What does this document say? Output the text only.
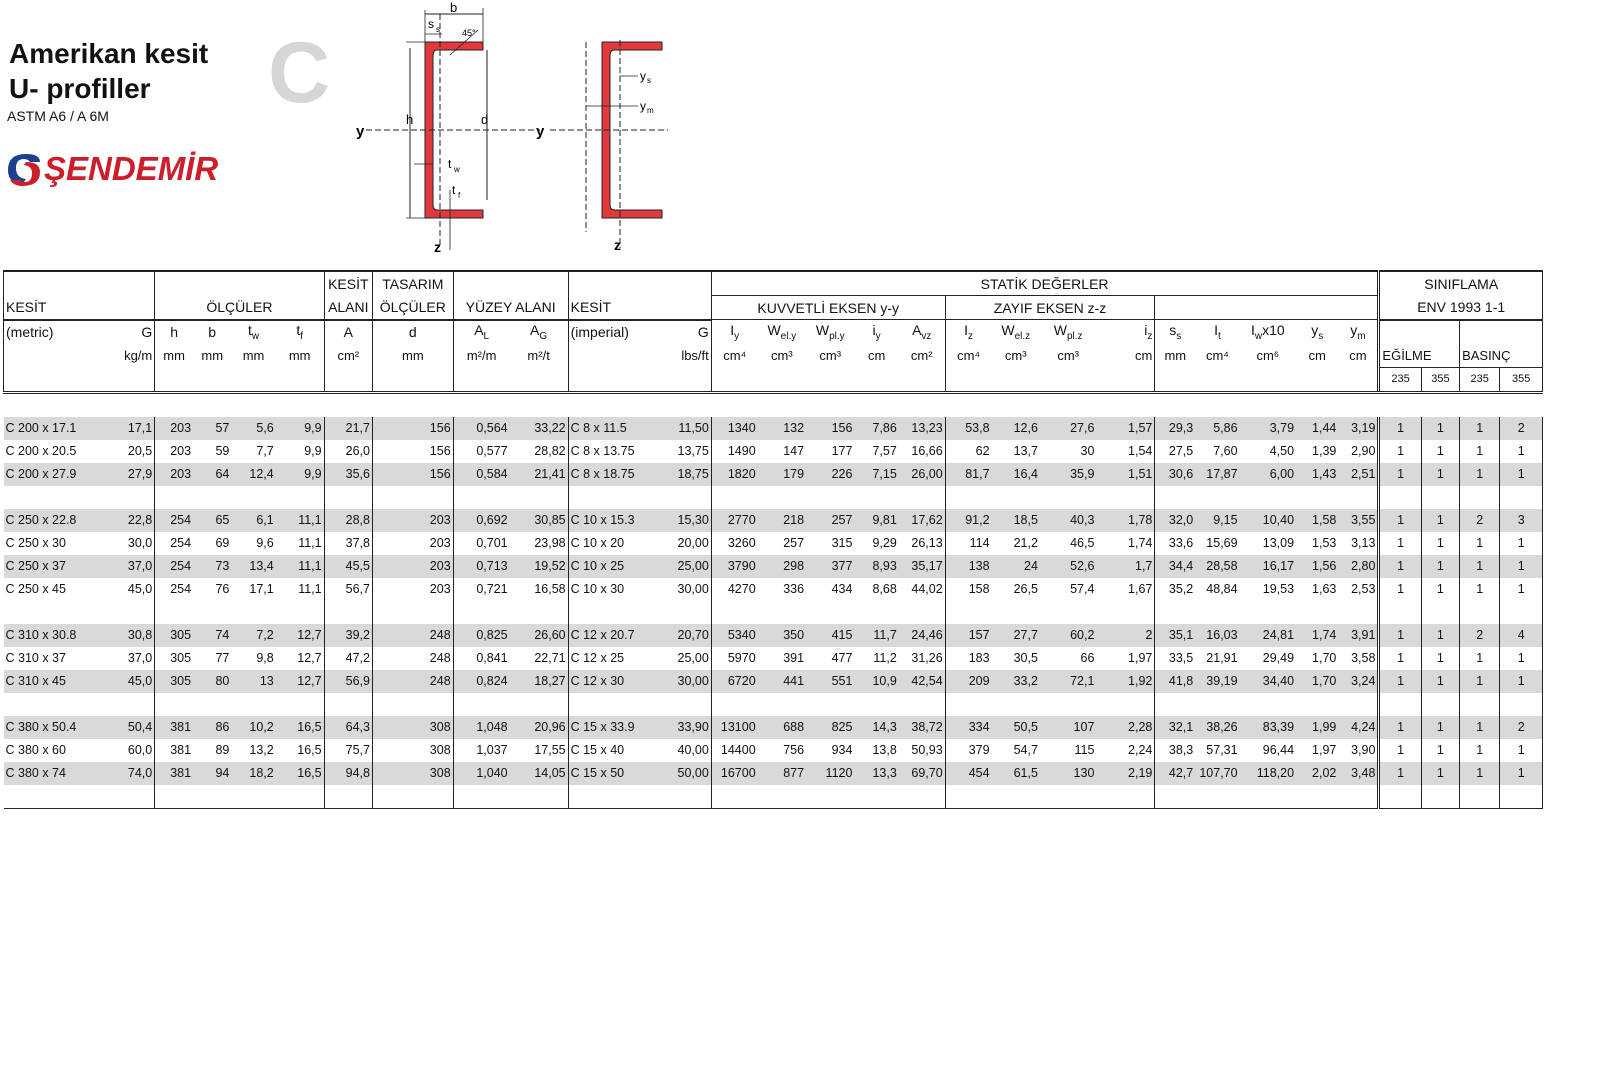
Amerikan kesit
U- profiller
ASTM A6 / A 6M C
ŞENDEMİR
b
s s 45°
h	d
y
t w
t f
z
y
y s
y m
z
						KESİT	TASARIM					STATİK DEĞERLER														SINIFLAMA			
KESİT		ÖLÇÜLER				ALANI	ÖLÇÜLER	YÜZEY ALANI		KESİT		KUVVETLİ EKSEN y-y					ZAYIF EKSEN z-z									ENV 1993 1-1			
(metric)	G	h	b	$t_w$	$t_f$	A	d	$A_L$	$A_G$	(imperial)	G	$I_y$	$W_{el.y}$	$W_{pl.y}$	$i_y$	$A_{vz}$	$I_z$	$W_{el.z}$	$W_{pl.z}$	$i_z$	$s_s$	$I_t$	$I_wx10$	$y_s$	$y_m$		
	kg/m	mm	mm	mm	mm	cm²	mm	m²/m	m²/t		lbs/ft	cm⁴	cm³	cm³	cm	cm²	cm⁴	cm³	cm³	cm	mm	cm⁴	cm⁶	cm	cm	EĞİLME		BASINÇ	
																										235	355	235	355

C 200 x 17.1	17,1	203	57	5,6	9,9	21,7	156	0,564	33,22	C 8 x 11.5	11,50	1340	132	156	7,86	13,23	53,8	12,6	27,6	1,57	29,3	5,86	3,79	1,44	3,19	1	1	1	2
C 200 x 20.5	20,5	203	59	7,7	9,9	26,0	156	0,577	28,82	C 8 x 13.75	13,75	1490	147	177	7,57	16,66	62	13,7	30	1,54	27,5	7,60	4,50	1,39	2,90	1	1	1	1
C 200 x 27.9	27,9	203	64	12,4	9,9	35,6	156	0,584	21,41	C 8 x 18.75	18,75	1820	179	226	7,15	26,00	81,7	16,4	35,9	1,51	30,6	17,87	6,00	1,43	2,51	1	1	1	1

C 250 x 22.8	22,8	254	65	6,1	11,1	28,8	203	0,692	30,85	C 10 x 15.3	15,30	2770	218	257	9,81	17,62	91,2	18,5	40,3	1,78	32,0	9,15	10,40	1,58	3,55	1	1	2	3
C 250 x 30	30,0	254	69	9,6	11,1	37,8	203	0,701	23,98	C 10 x 20	20,00	3260	257	315	9,29	26,13	114	21,2	46,5	1,74	33,6	15,69	13,09	1,53	3,13	1	1	1	1
C 250 x 37	37,0	254	73	13,4	11,1	45,5	203	0,713	19,52	C 10 x 25	25,00	3790	298	377	8,93	35,17	138	24	52,6	1,7	34,4	28,58	16,17	1,56	2,80	1	1	1	1
C 250 x 45	45,0	254	76	17,1	11,1	56,7	203	0,721	16,58	C 10 x 30	30,00	4270	336	434	8,68	44,02	158	26,5	57,4	1,67	35,2	48,84	19,53	1,63	2,53	1	1	1	1

C 310 x 30.8	30,8	305	74	7,2	12,7	39,2	248	0,825	26,60	C 12 x 20.7	20,70	5340	350	415	11,7	24,46	157	27,7	60,2	2	35,1	16,03	24,81	1,74	3,91	1	1	2	4
C 310 x 37	37,0	305	77	9,8	12,7	47,2	248	0,841	22,71	C 12 x 25	25,00	5970	391	477	11,2	31,26	183	30,5	66	1,97	33,5	21,91	29,49	1,70	3,58	1	1	1	1
C 310 x 45	45,0	305	80	13	12,7	56,9	248	0,824	18,27	C 12 x 30	30,00	6720	441	551	10,9	42,54	209	33,2	72,1	1,92	41,8	39,19	34,40	1,70	3,24	1	1	1	1

C 380 x 50.4	50,4	381	86	10,2	16,5	64,3	308	1,048	20,96	C 15 x 33.9	33,90	13100	688	825	14,3	38,72	334	50,5	107	2,28	32,1	38,26	83,39	1,99	4,24	1	1	1	2
C 380 x 60	60,0	381	89	13,2	16,5	75,7	308	1,037	17,55	C 15 x 40	40,00	14400	756	934	13,8	50,93	379	54,7	115	2,24	38,3	57,31	96,44	1,97	3,90	1	1	1	1
C 380 x 74	74,0	381	94	18,2	16,5	94,8	308	1,040	14,05	C 15 x 50	50,00	16700	877	1120	13,3	69,70	454	61,5	130	2,19	42,7	107,70	118,20	2,02	3,48	1	1	1	1
